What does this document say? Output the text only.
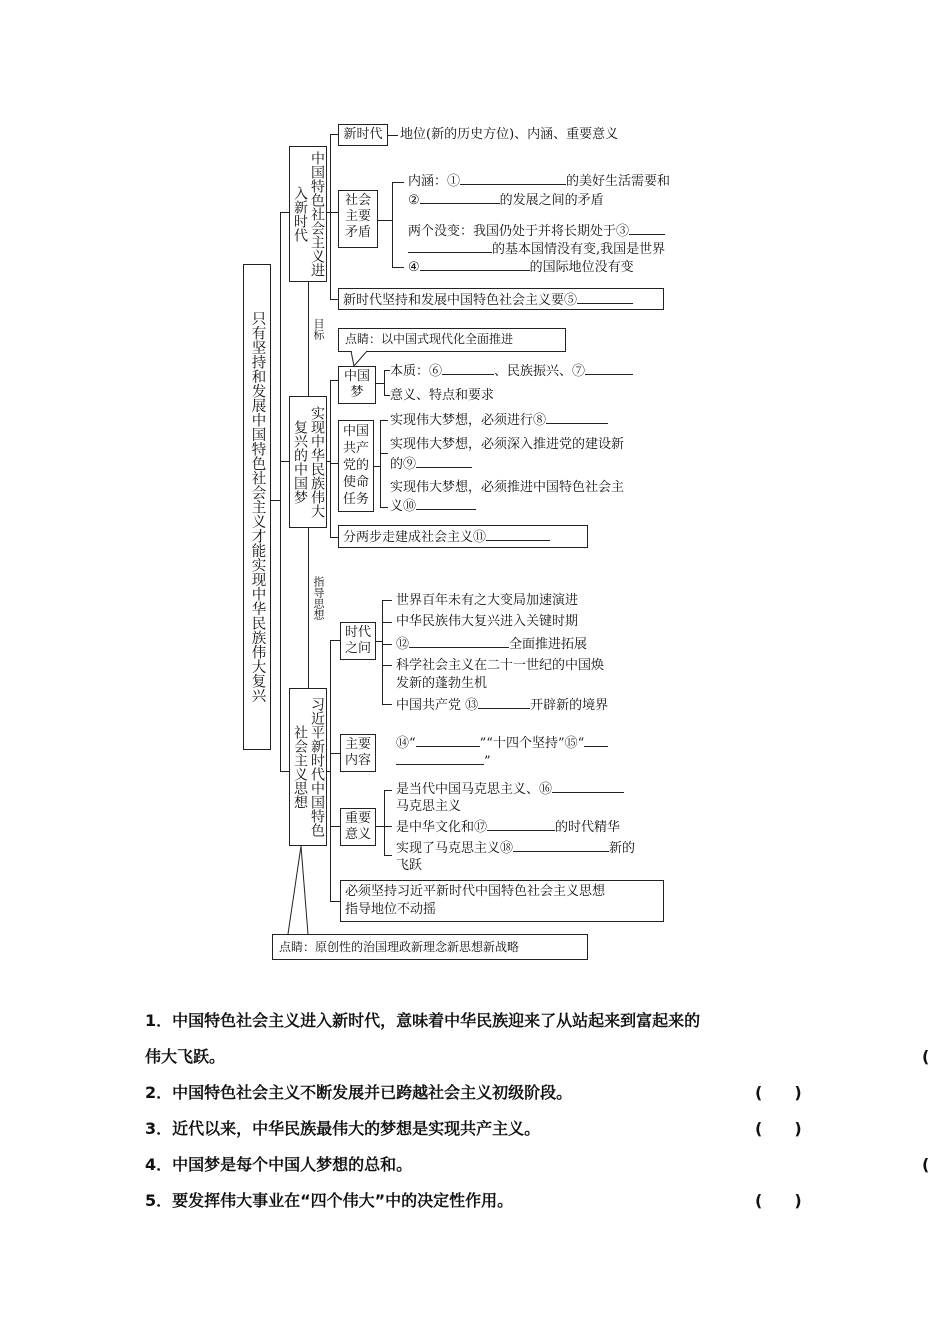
只有坚持和发展中国特色社会主义才能实现中华民族伟大复兴	目标
指导思想
中国特色社会主义进入新时代
新时代	地位(新的历史方位)、内涵、重要意义
社会主要矛盾
内涵：①	的美好生活需要和
②	的发展之间的矛盾
两个没变：我国仍处于并将长期处于③
的基本国情没有变,我国是世界
④	的国际地位没有变
新时代坚持和发展中国特色社会主义要⑤
实现中华民族伟大复兴的中国梦
点睛：以中国式现代化全面推进
中国梦
本质：⑥	、民族振兴、⑦
意义、特点和要求
中国共产党的使命任务
实现伟大梦想，必须进行⑧
实现伟大梦想，必须深入推进党的建设新
的⑨
实现伟大梦想，必须推进中国特色社会主
义⑩
分两步走建成社会主义⑪
习近平新时代中国特色社会主义思想
时代之问
世界百年未有之大变局加速演进
中华民族伟大复兴进入关键时期
⑫	全面推进拓展
科学社会主义在二十一世纪的中国焕
发新的蓬勃生机
中国共产党 ⑬	开辟新的境界
主要内容
⑭“	”“十四个坚持”⑮“
”
重要意义
是当代中国马克思主义、⑯
马克思主义
是中华文化和⑰	的时代精华
实现了马克思主义⑱	新的
飞跃
必须坚持习近平新时代中国特色社会主义思想
指导地位不动摇
点睛：原创性的治国理政新理念新思想新战略
1．中国特色社会主义进入新时代，意味着中华民族迎来了从站起来到富起来的
伟大飞跃。	(
2．中国特色社会主义不断发展并已跨越社会主义初级阶段。	(　　)
3．近代以来，中华民族最伟大的梦想是实现共产主义。	(　　)
4．中国梦是每个中国人梦想的总和。	(
5．要发挥伟大事业在“四个伟大”中的决定性作用。	(　　)
